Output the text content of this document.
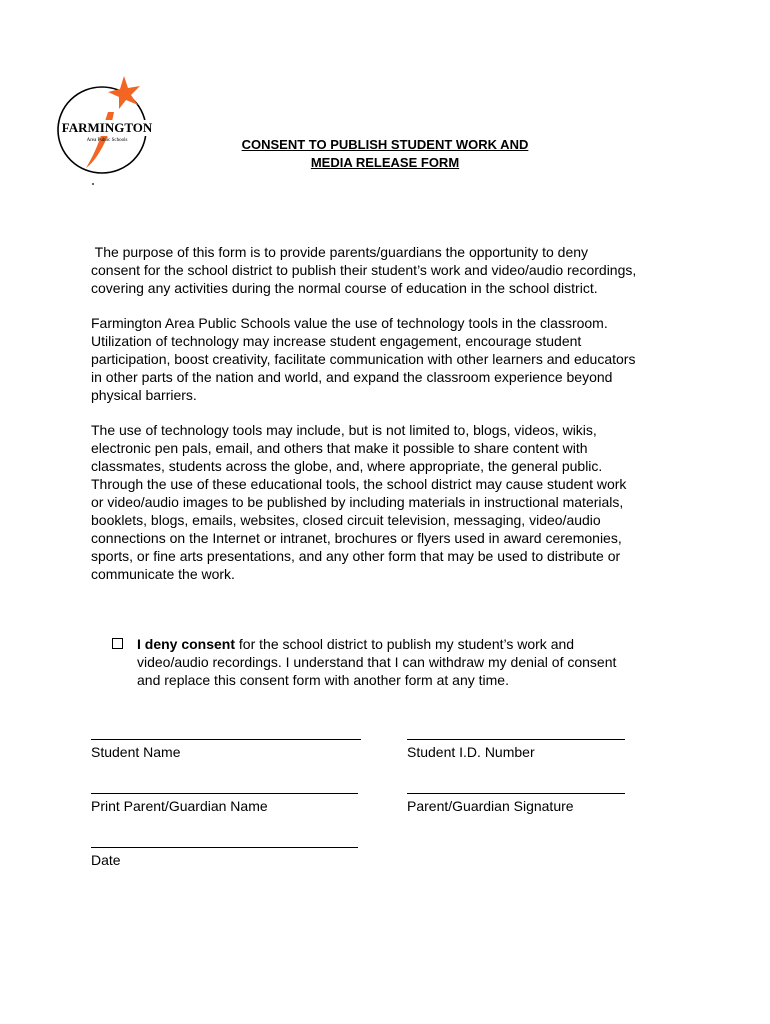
FARMINGTON
Area Public Schools	CONSENT TO PUBLISH STUDENT WORK AND
MEDIA RELEASE FORM
The purpose of this form is to provide parents/guardians the opportunity to deny
consent for the school district to publish their student’s work and video/audio recordings,
covering any activities during the normal course of education in the school district.
Farmington Area Public Schools value the use of technology tools in the classroom.
Utilization of technology may increase student engagement, encourage student
participation, boost creativity, facilitate communication with other learners and educators
in other parts of the nation and world, and expand the classroom experience beyond
physical barriers.
The use of technology tools may include, but is not limited to, blogs, videos, wikis,
electronic pen pals, email, and others that make it possible to share content with
classmates, students across the globe, and, where appropriate, the general public.
Through the use of these educational tools, the school district may cause student work
or video/audio images to be published by including materials in instructional materials,
booklets, blogs, emails, websites, closed circuit television, messaging, video/audio
connections on the Internet or intranet, brochures or flyers used in award ceremonies,
sports, or fine arts presentations, and any other form that may be used to distribute or
communicate the work.
I deny consent for the school district to publish my student’s work and
video/audio recordings. I understand that I can withdraw my denial of consent
and replace this consent form with another form at any time.
Student Name	Student I.D. Number
Print Parent/Guardian Name	Parent/Guardian Signature
Date
